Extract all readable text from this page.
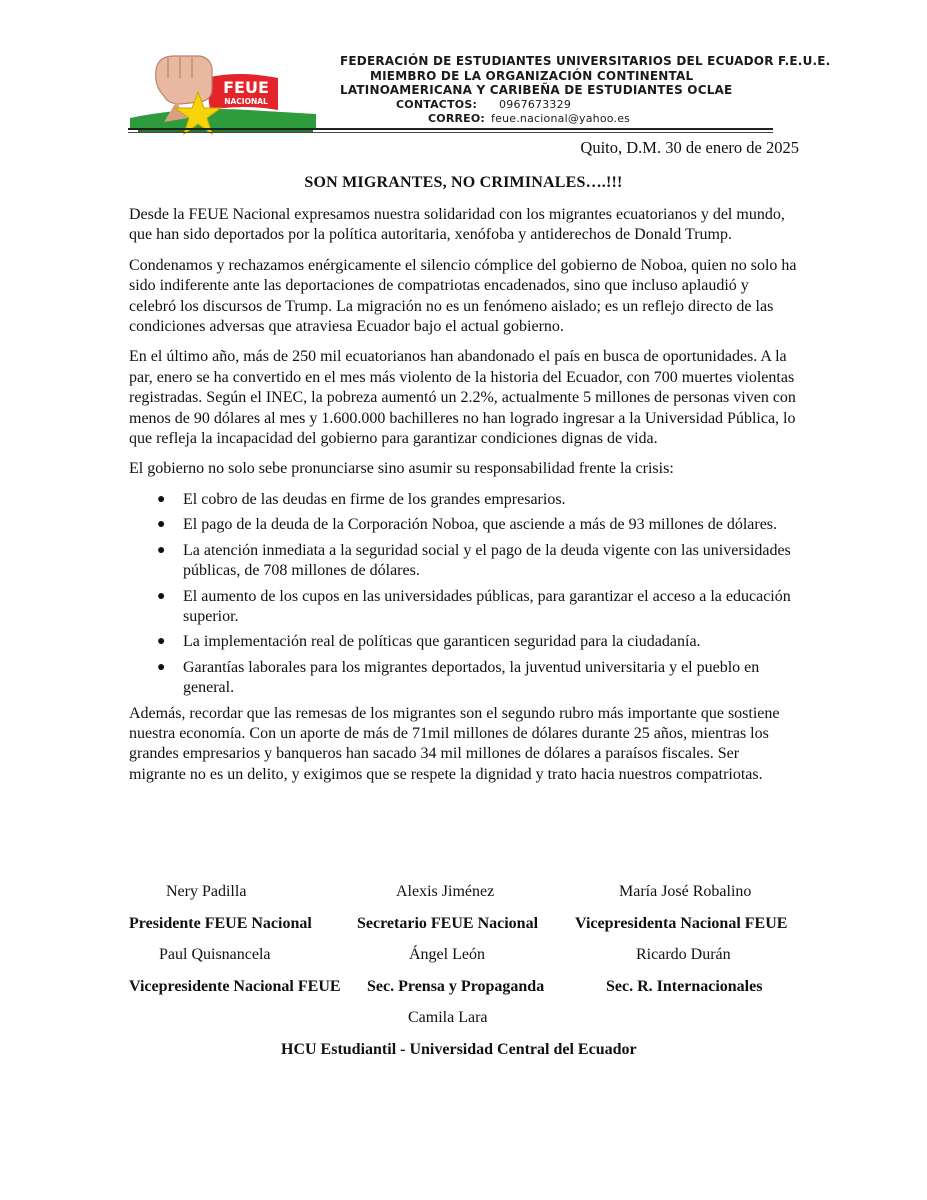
FEUE
NACIONAL
FEDERACIÓN DE ESTUDIANTES UNIVERSITARIOS DEL ECUADOR F.E.U.E.
MIEMBRO DE LA ORGANIZACIÓN CONTINENTAL
LATINOAMERICANA Y CARIBEÑA DE ESTUDIANTES OCLAE
CONTACTOS: 0967673329
CORREO: feue.nacional@yahoo.es
Quito, D.M. 30 de enero de 2025
SON MIGRANTES, NO CRIMINALES….!!!

Desde la FEUE Nacional expresamos nuestra solidaridad con los migrantes ecuatorianos y del mundo, que han sido deportados por la política autoritaria, xenófoba y antiderechos de Donald Trump.

Condenamos y rechazamos enérgicamente el silencio cómplice del gobierno de Noboa, quien no solo ha sido indiferente ante las deportaciones de compatriotas encadenados, sino que incluso aplaudió y celebró los discursos de Trump. La migración no es un fenómeno aislado; es un reflejo directo de las condiciones adversas que atraviesa Ecuador bajo el actual gobierno.

En el último año, más de 250 mil ecuatorianos han abandonado el país en busca de oportunidades. A la par, enero se ha convertido en el mes más violento de la historia del Ecuador, con 700 muertes violentas registradas. Según el INEC, la pobreza aumentó un 2.2%, actualmente 5 millones de personas viven con menos de 90 dólares al mes y 1.600.000 bachilleres no han logrado ingresar a la Universidad Pública, lo que refleja la incapacidad del gobierno para garantizar condiciones dignas de vida.

El gobierno no solo sebe pronunciarse sino asumir su responsabilidad frente la crisis:

● El cobro de las deudas en firme de los grandes empresarios.
● El pago de la deuda de la Corporación Noboa, que asciende a más de 93 millones de dólares.
● La atención inmediata a la seguridad social y el pago de la deuda vigente con las universidades públicas, de 708 millones de dólares.
● El aumento de los cupos en las universidades públicas, para garantizar el acceso a la educación superior.
● La implementación real de políticas que garanticen seguridad para la ciudadanía.
● Garantías laborales para los migrantes deportados, la juventud universitaria y el pueblo en general.

Además, recordar que las remesas de los migrantes son el segundo rubro más importante que sostiene nuestra economía. Con un aporte de más de 71mil millones de dólares durante 25 años, mientras los grandes empresarios y banqueros han sacado 34 mil millones de dólares a paraísos fiscales. Ser migrante no es un delito, y exigimos que se respete la dignidad y trato hacia nuestros compatriotas.

Nery Padilla
Presidente FEUE Nacional
Alexis Jiménez
Secretario FEUE Nacional
María José Robalino
Vicepresidenta Nacional FEUE
Paul Quisnancela
Vicepresidente Nacional FEUE
Ángel León
Sec. Prensa y Propaganda
Ricardo Durán
Sec. R. Internacionales
Camila Lara
HCU Estudiantil - Universidad Central del Ecuador
